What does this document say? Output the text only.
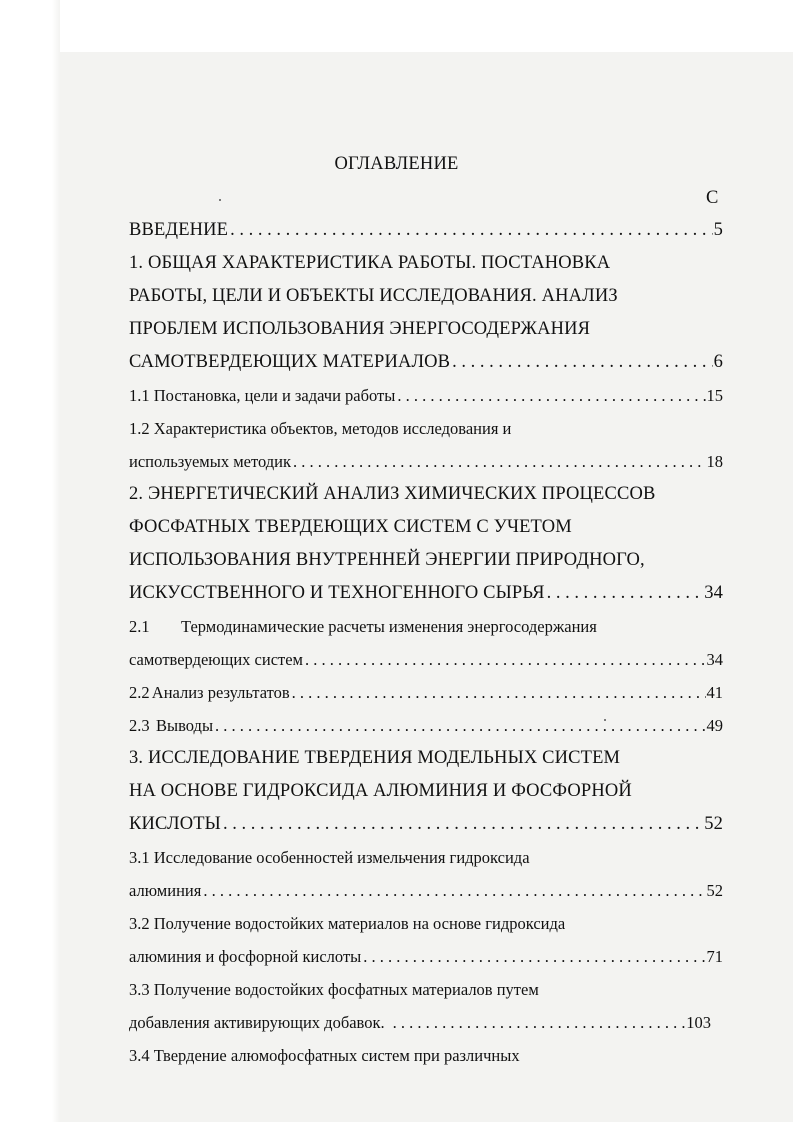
ОГЛАВЛЕНИЕ
С
ВВЕДЕНИЕ . . .	5
1. ОБЩАЯ ХАРАКТЕРИСТИКА РАБОТЫ. ПОСТАНОВКА
РАБОТЫ, ЦЕЛИ И ОБЪЕКТЫ ИССЛЕДОВАНИЯ. АНАЛИЗ
ПРОБЛЕМ ИСПОЛЬЗОВАНИЯ ЭНЕРГОСОДЕРЖАНИЯ
САМОТВЕРДЕЮЩИХ МАТЕРИАЛОВ . . .	6
1.1 Постановка, цели и задачи работы . . .	15
1.2 Характеристика объектов, методов исследования и
используемых методик . . .	18
2. ЭНЕРГЕТИЧЕСКИЙ АНАЛИЗ ХИМИЧЕСКИХ ПРОЦЕССОВ
ФОСФАТНЫХ ТВЕРДЕЮЩИХ СИСТЕМ С УЧЕТОМ
ИСПОЛЬЗОВАНИЯ ВНУТРЕННЕЙ ЭНЕРГИИ ПРИРОДНОГО,
ИСКУССТВЕННОГО И ТЕХНОГЕННОГО СЫРЬЯ . . .	34
2.1	Термодинамические расчеты изменения энергосодержания
самотвердеющих систем . . .	34
2.2 Анализ результатов . . .	41
2.3 Выводы . . .	49
3. ИССЛЕДОВАНИЕ ТВЕРДЕНИЯ МОДЕЛЬНЫХ СИСТЕМ
НА ОСНОВЕ ГИДРОКСИДА АЛЮМИНИЯ И ФОСФОРНОЙ
КИСЛОТЫ . . .	52
3.1 Исследование особенностей измельчения гидроксида
алюминия . . .	52
3.2 Получение водостойких материалов на основе гидроксида
алюминия и фосфорной кислоты . . .	71
3.3 Получение водостойких фосфатных материалов путем
добавления активирующих добавок. . . .	103
3.4 Твердение алюмофосфатных систем при различных
